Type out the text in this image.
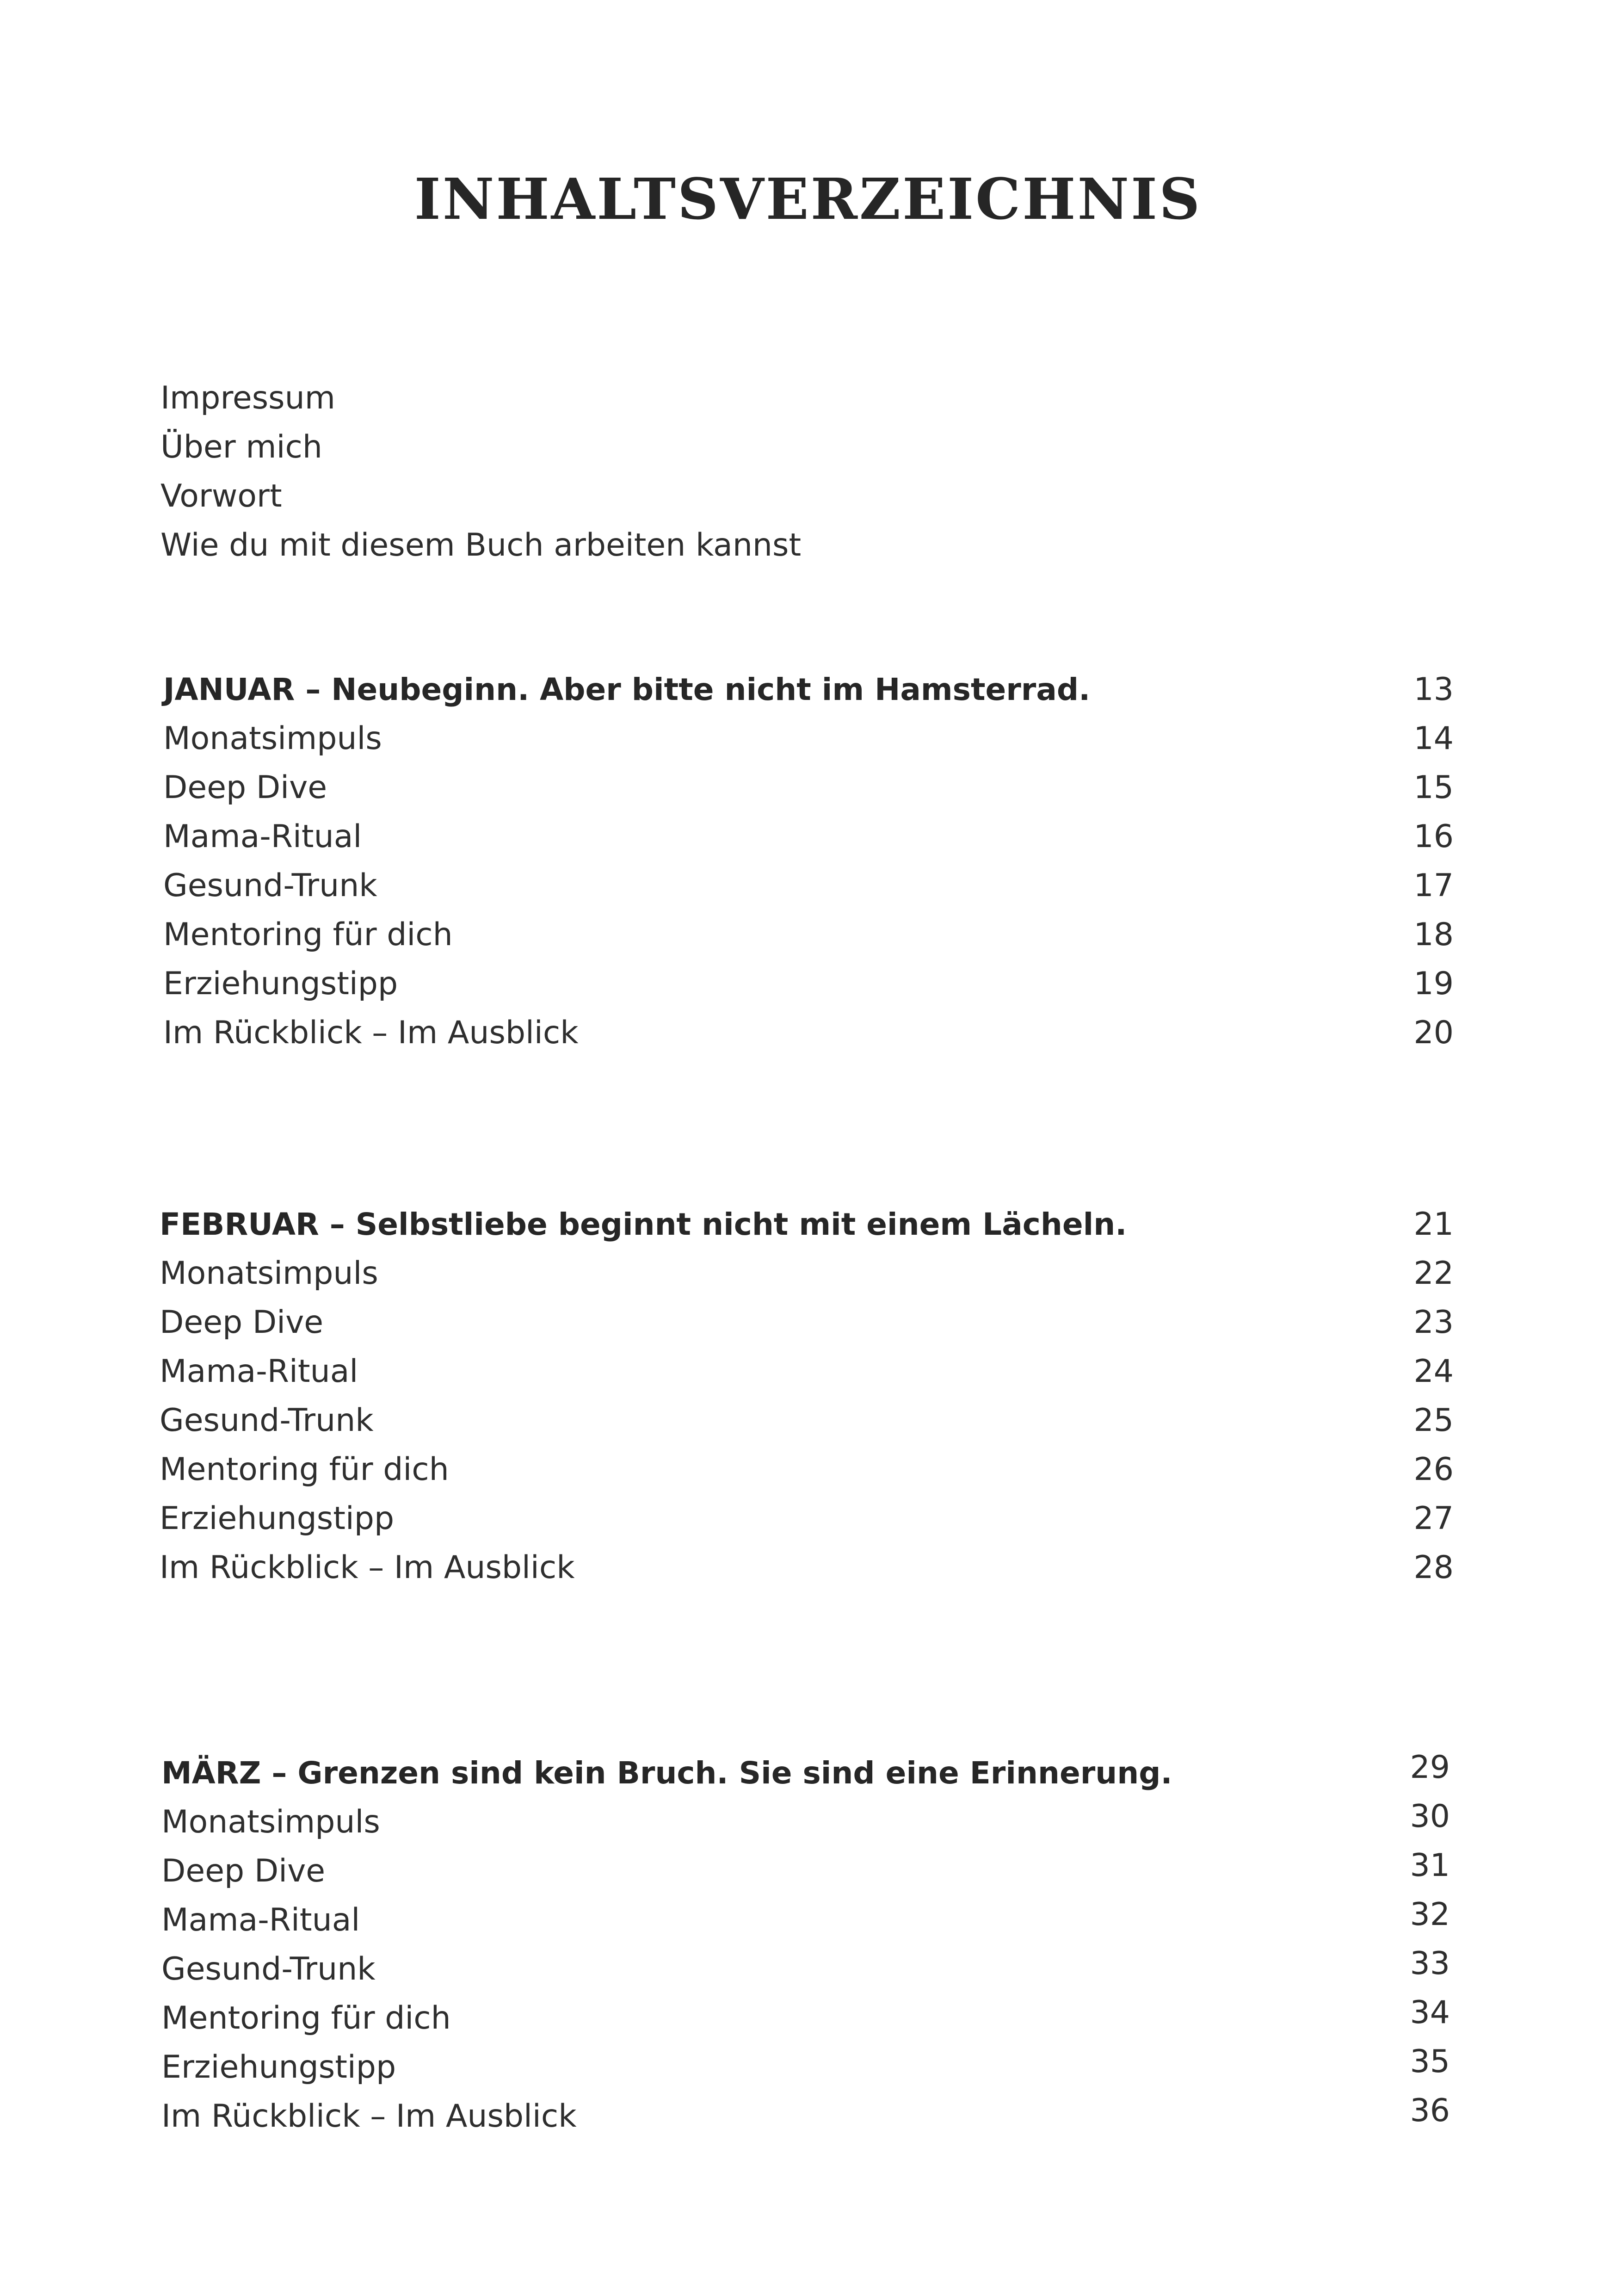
INHALTSVERZEICHNIS
Impressum
Über mich
Vorwort
Wie du mit diesem Buch arbeiten kannst
JANUAR – Neubeginn. Aber bitte nicht im Hamsterrad.	13
Monatsimpuls	14
Deep Dive	15
Mama-Ritual	16
Gesund-Trunk	17
Mentoring für dich	18
Erziehungstipp	19
Im Rückblick – Im Ausblick	20
FEBRUAR – Selbstliebe beginnt nicht mit einem Lächeln.	21
Monatsimpuls	22
Deep Dive	23
Mama-Ritual	24
Gesund-Trunk	25
Mentoring für dich	26
Erziehungstipp	27
Im Rückblick – Im Ausblick	28
MÄRZ – Grenzen sind kein Bruch. Sie sind eine Erinnerung.	29
Monatsimpuls	30
Deep Dive	31
Mama-Ritual	32
Gesund-Trunk	33
Mentoring für dich	34
Erziehungstipp	35
Im Rückblick – Im Ausblick	36
